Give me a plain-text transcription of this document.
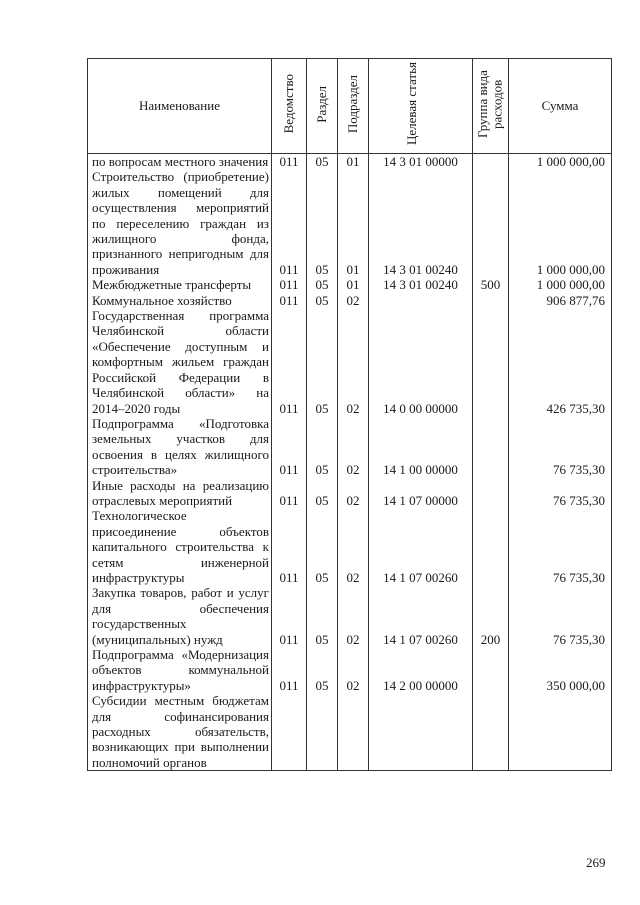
Наименование	Ведомство	Раздел	Подраздел	Целевая статья	Группа вида расходов	Сумма
по вопросам местного значения	011	05	01	14 3 01 00000		1 000 000,00
Строительство (приобретение) жилых помещений для осуществления мероприятий по переселению граждан из жилищного фонда, признанного непригодным для проживания	011	05	01	14 3 01 00240		1 000 000,00
Межбюджетные трансферты	011	05	01	14 3 01 00240	500	1 000 000,00
Коммунальное хозяйство	011	05	02			906 877,76
Государственная программа Челябинской области «Обеспечение доступным и комфортным жильем граждан Российской Федерации в Челябинской области» на 2014–2020 годы	011	05	02	14 0 00 00000		426 735,30
Подпрограмма «Подготовка земельных участков для освоения в целях жилищного строительства»	011	05	02	14 1 00 00000		76 735,30
Иные расходы на реализацию отраслевых мероприятий	011	05	02	14 1 07 00000		76 735,30
Технологическое присоединение объектов капитального строительства к сетям инженерной инфраструктуры	011	05	02	14 1 07 00260		76 735,30
Закупка товаров, работ и услуг для обеспечения государственных (муниципальных) нужд	011	05	02	14 1 07 00260	200	76 735,30
Подпрограмма «Модернизация объектов коммунальной инфраструктуры»	011	05	02	14 2 00 00000		350 000,00
Субсидии местным бюджетам для софинансирования расходных обязательств, возникающих при выполнении полномочий органов						
269
